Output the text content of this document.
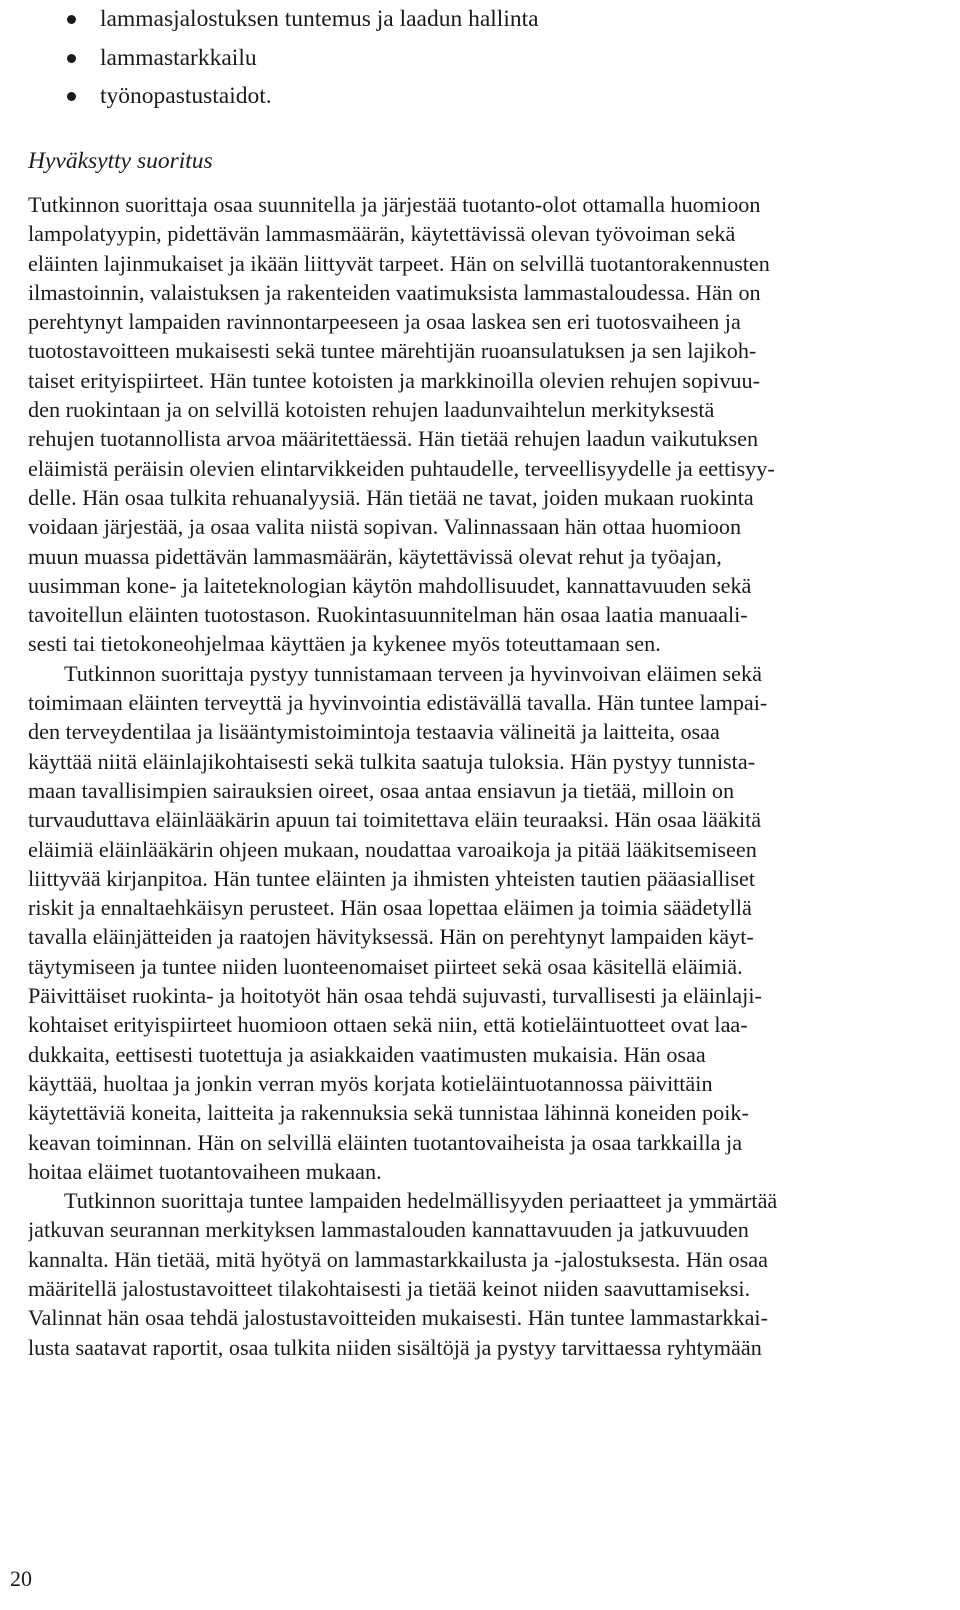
lammasjalostuksen tuntemus ja laadun hallinta
lammastarkkailu
työnopastustaidot.
Hyväksytty suoritus
Tutkinnon suorittaja osaa suunnitella ja järjestää tuotanto-olot ottamalla huomioon
lampolatyypin, pidettävän lammasmäärän, käytettävissä olevan työvoiman sekä
eläinten lajinmukaiset ja ikään liittyvät tarpeet. Hän on selvillä tuotantorakennusten
ilmastoinnin, valaistuksen ja rakenteiden vaatimuksista lammastaloudessa. Hän on
perehtynyt lampaiden ravinnontarpeeseen ja osaa laskea sen eri tuotosvaiheen ja
tuotostavoitteen mukaisesti sekä tuntee märehtijän ruoansulatuksen ja sen lajikoh-
taiset erityispiirteet. Hän tuntee kotoisten ja markkinoilla olevien rehujen sopivuu-
den ruokintaan ja on selvillä kotoisten rehujen laadunvaihtelun merkityksestä
rehujen tuotannollista arvoa määritettäessä. Hän tietää rehujen laadun vaikutuksen
eläimistä peräisin olevien elintarvikkeiden puhtaudelle, terveellisyydelle ja eettisyy-
delle. Hän osaa tulkita rehuanalyysiä. Hän tietää ne tavat, joiden mukaan ruokinta
voidaan järjestää, ja osaa valita niistä sopivan. Valinnassaan hän ottaa huomioon
muun muassa pidettävän lammasmäärän, käytettävissä olevat rehut ja työajan,
uusimman kone- ja laiteteknologian käytön mahdollisuudet, kannattavuuden sekä
tavoitellun eläinten tuotostason. Ruokintasuunnitelman hän osaa laatia manuaali-
sesti tai tietokoneohjelmaa käyttäen ja kykenee myös toteuttamaan sen.
Tutkinnon suorittaja pystyy tunnistamaan terveen ja hyvinvoivan eläimen sekä
toimimaan eläinten terveyttä ja hyvinvointia edistävällä tavalla. Hän tuntee lampai-
den terveydentilaa ja lisääntymistoimintoja testaavia välineitä ja laitteita, osaa
käyttää niitä eläinlajikohtaisesti sekä tulkita saatuja tuloksia. Hän pystyy tunnista-
maan tavallisimpien sairauksien oireet, osaa antaa ensiavun ja tietää, milloin on
turvauduttava eläinlääkärin apuun tai toimitettava eläin teuraaksi. Hän osaa lääkitä
eläimiä eläinlääkärin ohjeen mukaan, noudattaa varoaikoja ja pitää lääkitsemiseen
liittyvää kirjanpitoa. Hän tuntee eläinten ja ihmisten yhteisten tautien pääasialliset
riskit ja ennaltaehkäisyn perusteet. Hän osaa lopettaa eläimen ja toimia säädetyllä
tavalla eläinjätteiden ja raatojen hävityksessä. Hän on perehtynyt lampaiden käyt-
täytymiseen ja tuntee niiden luonteenomaiset piirteet sekä osaa käsitellä eläimiä.
Päivittäiset ruokinta- ja hoitotyöt hän osaa tehdä sujuvasti, turvallisesti ja eläinlaji-
kohtaiset erityispiirteet huomioon ottaen sekä niin, että kotieläintuotteet ovat laa-
dukkaita, eettisesti tuotettuja ja asiakkaiden vaatimusten mukaisia. Hän osaa
käyttää, huoltaa ja jonkin verran myös korjata kotieläintuotannossa päivittäin
käytettäviä koneita, laitteita ja rakennuksia sekä tunnistaa lähinnä koneiden poik-
keavan toiminnan. Hän on selvillä eläinten tuotantovaiheista ja osaa tarkkailla ja
hoitaa eläimet tuotantovaiheen mukaan.
Tutkinnon suorittaja tuntee lampaiden hedelmällisyyden periaatteet ja ymmärtää
jatkuvan seurannan merkityksen lammastalouden kannattavuuden ja jatkuvuuden
kannalta. Hän tietää, mitä hyötyä on lammastarkkailusta ja -jalostuksesta. Hän osaa
määritellä jalostustavoitteet tilakohtaisesti ja tietää keinot niiden saavuttamiseksi.
Valinnat hän osaa tehdä jalostustavoitteiden mukaisesti. Hän tuntee lammastarkkai-
lusta saatavat raportit, osaa tulkita niiden sisältöjä ja pystyy tarvittaessa ryhtymään
20
